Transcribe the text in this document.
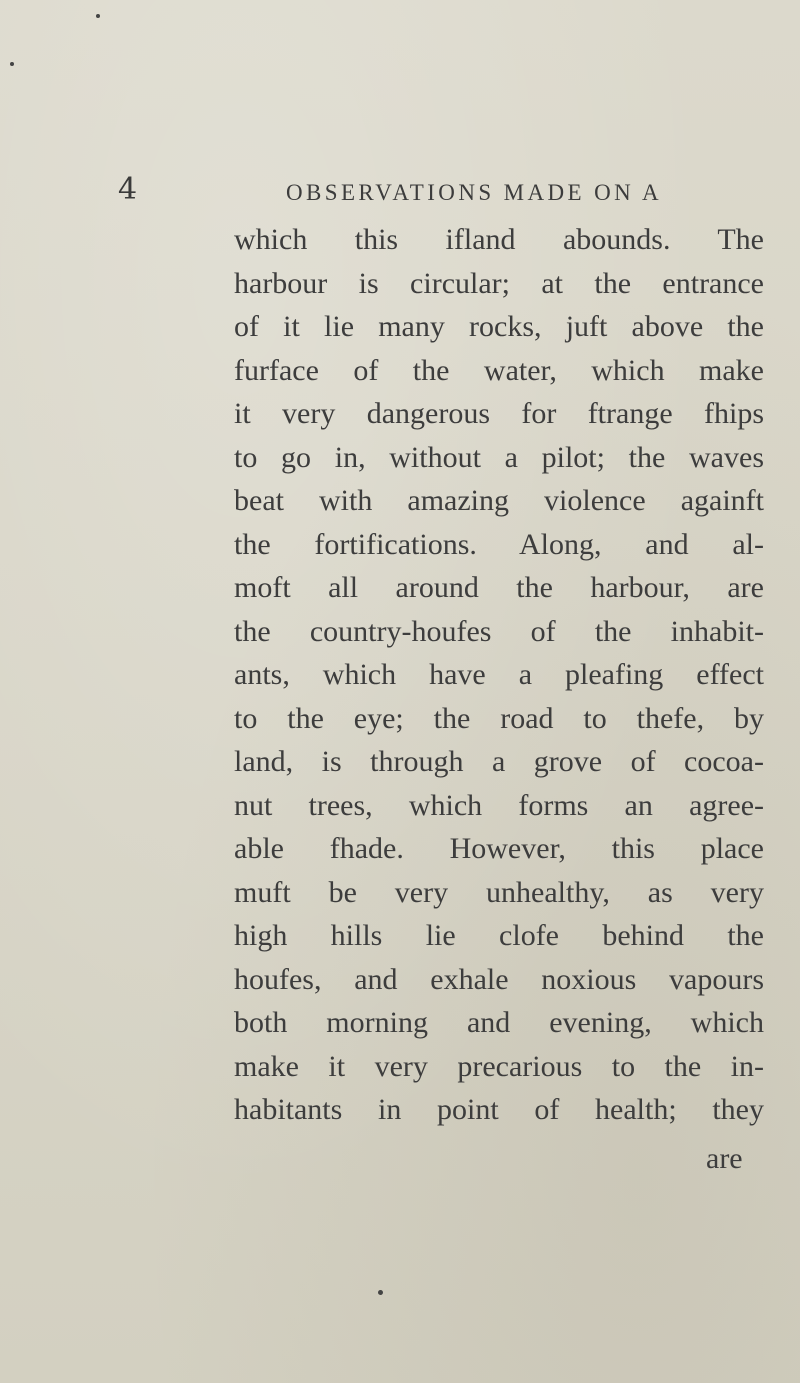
4	OBSERVATIONS MADE ON A
which this ifland abounds. The
harbour is circular; at the entrance
of it lie many rocks, juft above the
furface of the water, which make
it very dangerous for ftrange fhips
to go in, without a pilot; the waves
beat with amazing violence againft
the fortifications. Along, and al-
moft all around the harbour, are
the country-houfes of the inhabit-
ants, which have a pleafing effect
to the eye; the road to thefe, by
land, is through a grove of cocoa-
nut trees, which forms an agree-
able fhade. However, this place
muft be very unhealthy, as very
high hills lie clofe behind the
houfes, and exhale noxious vapours
both morning and evening, which
make it very precarious to the in-
habitants in point of health; they
are
